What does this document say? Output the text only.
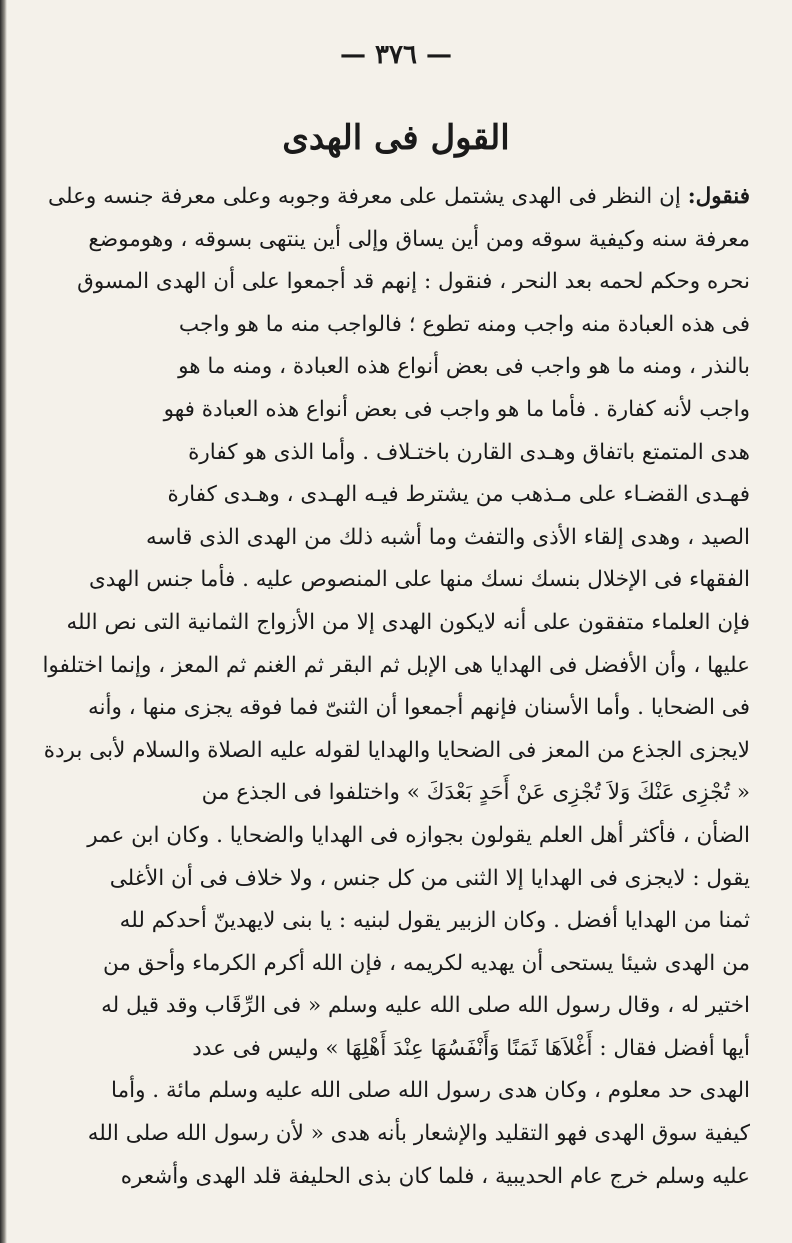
— ٣٧٦ —
القول فى الهدى
فنقول: إن النظر فى الهدى يشتمل على معرفة وجوبه وعلى معرفة جنسه وعلى
معرفة سنه وكيفية سوقه ومن أين يساق وإلى أين ينتهى بسوقه ، وهوموضع
نحره وحكم لحمه بعد النحر ، فنقول : إنهم قد أجمعوا على أن الهدى المسوق
فى هذه العبادة منه واجب ومنه تطوع ؛ فالواجب منه ما هو واجب
بالنذر ، ومنه ما هو واجب فى بعض أنواع هذه العبادة ، ومنه ما هو
واجب لأنه كفارة . فأما ما هو واجب فى بعض أنواع هذه العبادة فهو
هدى المتمتع باتفاق وهـدى القارن باختـلاف . وأما الذى هو كفارة
فهـدى القضـاء على مـذهب من يشترط فيـه الهـدى ، وهـدى كفارة
الصيد ، وهدى إلقاء الأذى والتفث وما أشبه ذلك من الهدى الذى قاسه
الفقهاء فى الإخلال بنسك نسك منها على المنصوص عليه . فأما جنس الهدى
فإن العلماء متفقون على أنه لايكون الهدى إلا من الأزواج الثمانية التى نص الله
عليها ، وأن الأفضل فى الهدايا هى الإبل ثم البقر ثم الغنم ثم المعز ، وإنما اختلفوا
فى الضحايا . وأما الأسنان فإنهم أجمعوا أن الثنىّ فما فوقه يجزى منها ، وأنه
لايجزى الجذع من المعز فى الضحايا والهدايا لقوله عليه الصلاة والسلام لأبى بردة
« تُجْزِى عَنْكَ وَلاَ تُجْزِى عَنْ أَحَدٍ بَعْدَكَ » واختلفوا فى الجذع من
الضأن ، فأكثر أهل العلم يقولون بجوازه فى الهدايا والضحايا . وكان ابن عمر
يقول : لايجزى فى الهدايا إلا الثنى من كل جنس ، ولا خلاف فى أن الأغلى
ثمنا من الهدايا أفضل . وكان الزبير يقول لبنيه : يا بنى لايهدينّ أحدكم لله
من الهدى شيئا يستحى أن يهديه لكريمه ، فإن الله أكرم الكرماء وأحق من
اختير له ، وقال رسول الله صلى الله عليه وسلم « فى الرِّقَاب وقد قيل له
أيها أفضل فقال : أَغْلاَهَا ثَمَنًا وَأَنْفَسُهَا عِنْدَ أَهْلِهَا » وليس فى عدد
الهدى حد معلوم ، وكان هدى رسول الله صلى الله عليه وسلم مائة . وأما
كيفية سوق الهدى فهو التقليد والإشعار بأنه هدى « لأن رسول الله صلى الله
عليه وسلم خرج عام الحديبية ، فلما كان بذى الحليفة قلد الهدى وأشعره
